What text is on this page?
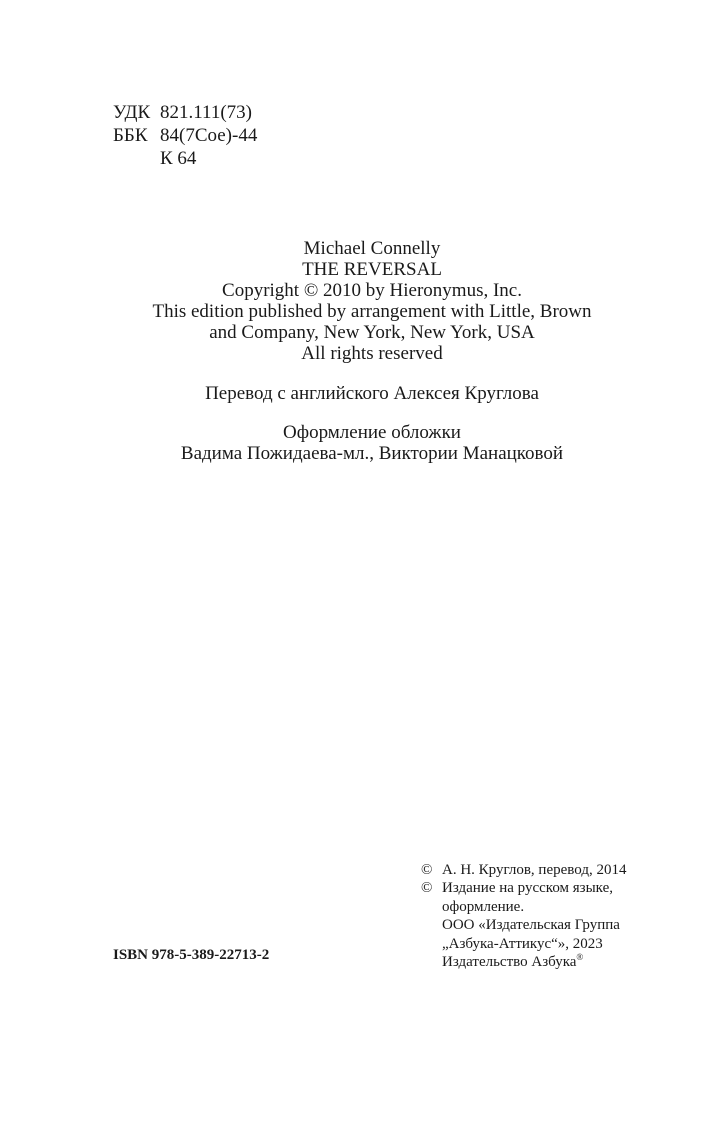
УДК 821.111(73)
ББК 84(7Сое)-44
К 64
Michael Connelly
THE REVERSAL
Copyright © 2010 by Hieronymus, Inc.
This edition published by arrangement with Little, Brown
and Company, New York, New York, USA
All rights reserved
Перевод с английского Алексея Круглова
Оформление обложки
Вадима Пожидаева-мл., Виктории Манацковой
© А. Н. Круглов, перевод, 2014
© Издание на русском языке,
оформление.
ООО «Издательская Группа
„Азбука-Аттикус“», 2023
Издательство Азбука®
ISBN 978-5-389-22713-2
